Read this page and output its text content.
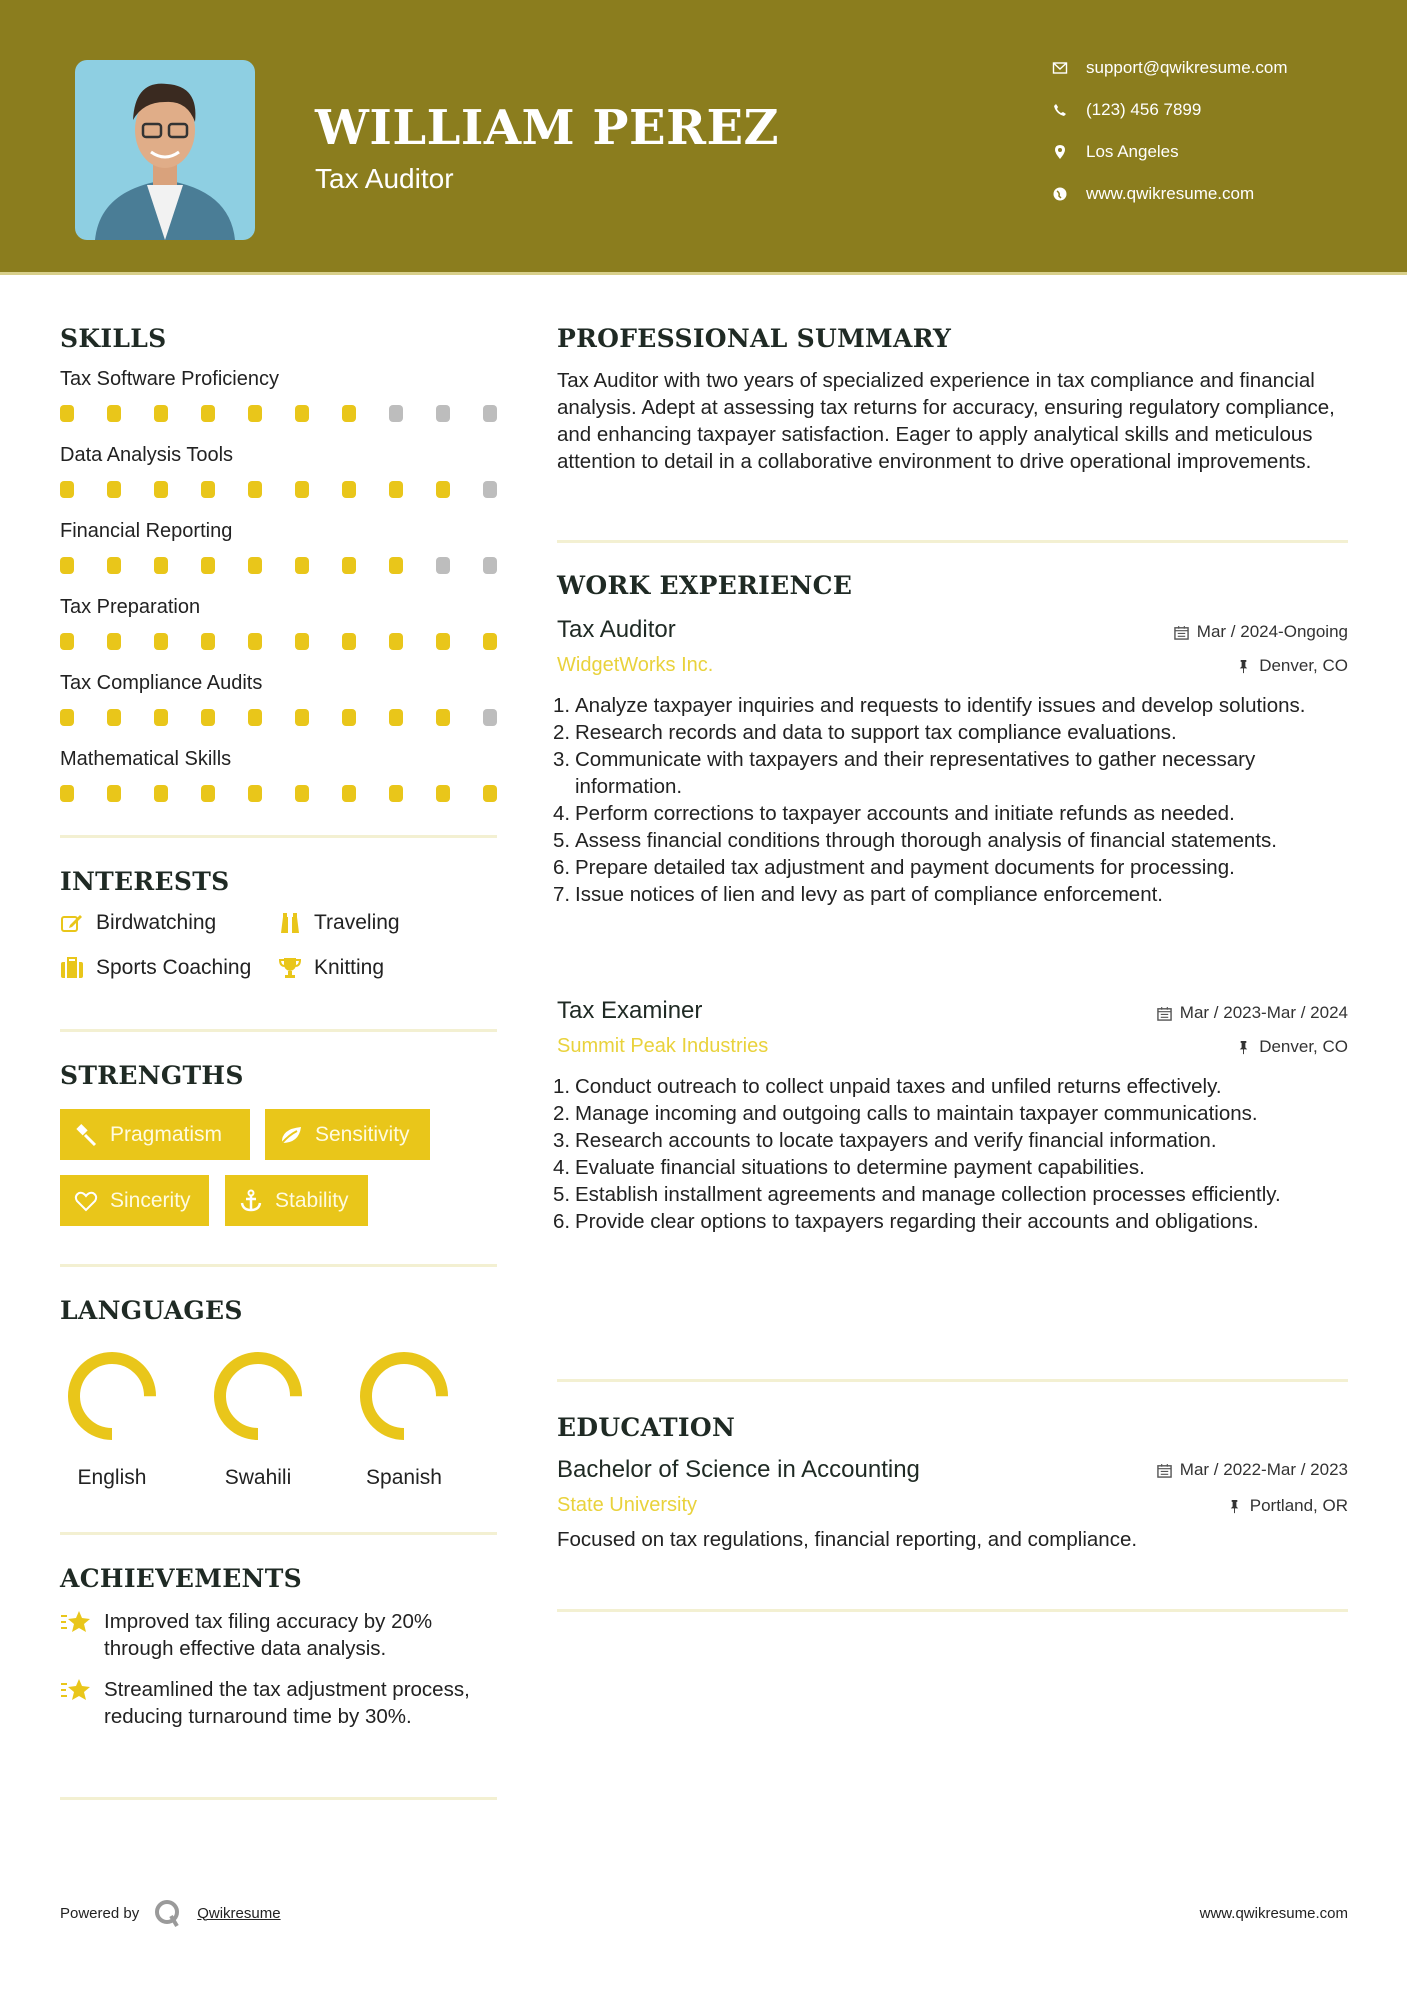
WILLIAM PEREZ
Tax Auditor
support@qwikresume.com
(123) 456 7899
Los Angeles
www.qwikresume.com
SKILLS
Tax Software Proficiency
Data Analysis Tools
Financial Reporting
Tax Preparation
Tax Compliance Audits
Mathematical Skills
INTERESTS
Birdwatching	Traveling
Sports Coaching	Knitting
STRENGTHS
Pragmatism	Sensitivity
Sincerity	Stability
LANGUAGES
English	Swahili	Spanish
ACHIEVEMENTS
Improved tax filing accuracy by 20% through effective data analysis.
Streamlined the tax adjustment process, reducing turnaround time by 30%.
PROFESSIONAL SUMMARY

Tax Auditor with two years of specialized experience in tax compliance and financial analysis. Adept at assessing tax returns for accuracy, ensuring regulatory compliance, and enhancing taxpayer satisfaction. Eager to apply analytical skills and meticulous attention to detail in a collaborative environment to drive operational improvements.

WORK EXPERIENCE
Tax Auditor	Mar / 2024-Ongoing
WidgetWorks Inc.	Denver, CO
1. Analyze taxpayer inquiries and requests to identify issues and develop solutions.
2. Research records and data to support tax compliance evaluations.
3. Communicate with taxpayers and their representatives to gather necessary information.
4. Perform corrections to taxpayer accounts and initiate refunds as needed.
5. Assess financial conditions through thorough analysis of financial statements.
6. Prepare detailed tax adjustment and payment documents for processing.
7. Issue notices of lien and levy as part of compliance enforcement.
Tax Examiner	Mar / 2023-Mar / 2024
Summit Peak Industries	Denver, CO
1. Conduct outreach to collect unpaid taxes and unfiled returns effectively.
2. Manage incoming and outgoing calls to maintain taxpayer communications.
3. Research accounts to locate taxpayers and verify financial information.
4. Evaluate financial situations to determine payment capabilities.
5. Establish installment agreements and manage collection processes efficiently.
6. Provide clear options to taxpayers regarding their accounts and obligations.
EDUCATION
Bachelor of Science in Accounting	Mar / 2022-Mar / 2023
State University	Portland, OR

Focused on tax regulations, financial reporting, and compliance.

Powered by	Qwikresume	www.qwikresume.com
